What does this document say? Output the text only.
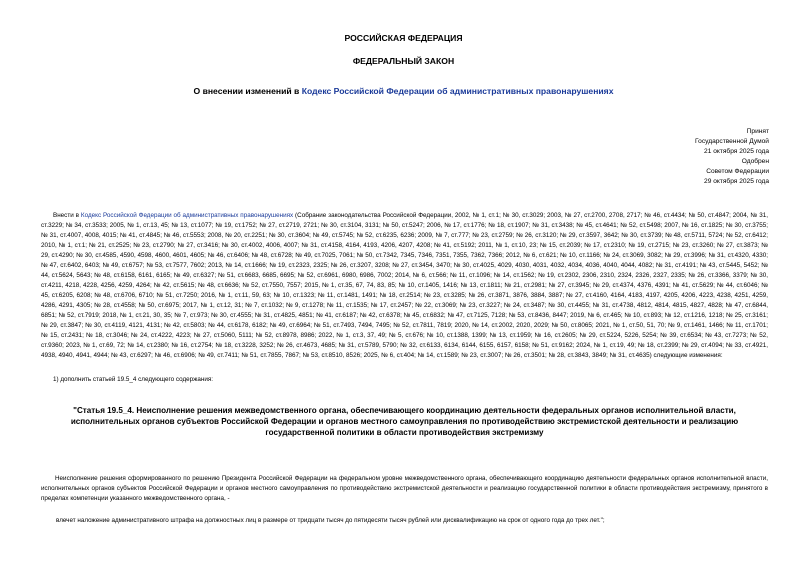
РОССИЙСКАЯ ФЕДЕРАЦИЯ
ФЕДЕРАЛЬНЫЙ ЗАКОН
О внесении изменений в Кодекс Российской Федерации об административных правонарушениях
Принят
Государственной Думой
21 октября 2025 года
Одобрен
Советом Федерации
29 октября 2025 года
Внести в Кодекс Российской Федерации об административных правонарушениях (Собрание законодательства Российской Федерации, 2002, № 1, ст.1; № 30, ст.3029; 2003, № 27, ст.2700, 2708, 2717; № 46, ст.4434; № 50, ст.4847; 2004, № 31, ст.3229; № 34, ст.3533; 2005, № 1, ст.13, 45; № 13, ст.1077; № 19, ст.1752; № 27, ст.2719, 2721; № 30, ст.3104, 3131; № 50, ст.5247; 2006, № 17, ст.1776; № 18, ст.1907; № 31, ст.3438; № 45, ст.4641; № 52, ст.5498; 2007, № 16, ст.1825; № 30, ст.3755; № 31, ст.4007, 4008, 4015; № 41, ст.4845; № 46, ст.5553; 2008, № 20, ст.2251; № 30, ст.3604; № 49, ст.5745; № 52, ст.6235, 6236; 2009, № 7, ст.777; № 23, ст.2759; № 26, ст.3120; № 29, ст.3597, 3642; № 30, ст.3739; № 48, ст.5711, 5724; № 52, ст.6412; 2010, № 1, ст.1; № 21, ст.2525; № 23, ст.2790; № 27, ст.3416; № 30, ст.4002, 4006, 4007; № 31, ст.4158, 4164, 4193, 4206, 4207, 4208; № 41, ст.5192; 2011, № 1, ст.10, 23; № 15, ст.2039; № 17, ст.2310; № 19, ст.2715; № 23, ст.3260; № 27, ст.3873; № 29, ст.4290; № 30, ст.4585, 4590, 4598, 4600, 4601, 4605; № 46, ст.6406; № 48, ст.6728; № 49, ст.7025, 7061; № 50, ст.7342, 7345, 7346, 7351, 7355, 7362, 7366; 2012, № 6, ст.621; № 10, ст.1166; № 24, ст.3069, 3082; № 29, ст.3996; № 31, ст.4320, 4330; № 47, ст.6402, 6403; № 49, ст.6757; № 53, ст.7577, 7602; 2013, № 14, ст.1666; № 19, ст.2323, 2325; № 26, ст.3207, 3208; № 27, ст.3454, 3470; № 30, ст.4025, 4029, 4030, 4031, 4032, 4034, 4036, 4040, 4044, 4082; № 31, ст.4191; № 43, ст.5445, 5452; № 44, ст.5624, 5643; № 48, ст.6158, 6161, 6165; № 49, ст.6327; № 51, ст.6683, 6685, 6695; № 52, ст.6961, 6980, 6986, 7002; 2014, № 6, ст.566; № 11, ст.1096; № 14, ст.1562; № 19, ст.2302, 2306, 2310, 2324, 2326, 2327, 2335; № 26, ст.3366, 3379; № 30, ст.4211, 4218, 4228, 4256, 4259, 4264; № 42, ст.5615; № 48, ст.6636; № 52, ст.7550, 7557; 2015, № 1, ст.35, 67, 74, 83, 85; № 10, ст.1405, 1416; № 13, ст.1811; № 21, ст.2981; № 27, ст.3945; № 29, ст.4374, 4376, 4391; № 41, ст.5629; № 44, ст.6046; № 45, ст.6205, 6208; № 48, ст.6706, 6710; № 51, ст.7250; 2016, № 1, ст.11, 59, 63; № 10, ст.1323; № 11, ст.1481, 1491; № 18, ст.2514; № 23, ст.3285; № 26, ст.3871, 3876, 3884, 3887; № 27, ст.4160, 4164, 4183, 4197, 4205, 4206, 4223, 4238, 4251, 4259, 4286, 4291, 4305; № 28, ст.4558; № 50, ст.6975; 2017, № 1, ст.12, 31; № 7, ст.1032; № 9, ст.1278; № 11, ст.1535; № 17, ст.2457; № 22, ст.3069; № 23, ст.3227; № 24, ст.3487; № 30, ст.4455; № 31, ст.4738, 4812, 4814, 4815, 4827, 4828; № 47, ст.6844, 6851; № 52, ст.7919; 2018, № 1, ст.21, 30, 35; № 7, ст.973; № 30, ст.4555; № 31, ст.4825, 4851; № 41, ст.6187; № 42, ст.6378; № 45, ст.6832; № 47, ст.7125, 7128; № 53, ст.8436, 8447; 2019, № 6, ст.465; № 10, ст.893; № 12, ст.1216, 1218; № 25, ст.3161; № 29, ст.3847; № 30, ст.4119, 4121, 4131; № 42, ст.5803; № 44, ст.6178, 6182; № 49, ст.6964; № 51, ст.7493, 7494, 7495; № 52, ст.7811, 7819; 2020, № 14, ст.2002, 2020, 2029; № 50, ст.8065; 2021, № 1, ст.50, 51, 70; № 9, ст.1461, 1466; № 11, ст.1701; № 15, ст.2431; № 18, ст.3046; № 24, ст.4222, 4223; № 27, ст.5060, 5111; № 52, ст.8978, 8986; 2022, № 1, ст.3, 37, 49; № 5, ст.676; № 10, ст.1388, 1399; № 13, ст.1959; № 16, ст.2605; № 29, ст.5224, 5226, 5254; № 39, ст.6534; № 43, ст.7273; № 52, ст.9360; 2023, № 1, ст.69, 72; № 14, ст.2380; № 16, ст.2754; № 18, ст.3228, 3252; № 26, ст.4673, 4685; № 31, ст.5789, 5790; № 32, ст.6133, 6134, 6144, 6155, 6157, 6158; № 51, ст.9162; 2024, № 1, ст.19, 49; № 18, ст.2399; № 29, ст.4094; № 33, ст.4921, 4938, 4940, 4941, 4944; № 43, ст.6297; № 46, ст.6906; № 49, ст.7411; № 51, ст.7855, 7867; № 53, ст.8510, 8526; 2025, № 6, ст.404; № 14, ст.1589; № 23, ст.3007; № 26, ст.3501; № 28, ст.3843, 3849; № 31, ст.4635) следующие изменения:
1) дополнить статьей 19.5_4 следующего содержания:
"Статья 19.5_4. Неисполнение решения межведомственного органа, обеспечивающего координацию деятельности федеральных органов исполнительной власти, исполнительных органов субъектов Российской Федерации и органов местного самоуправления по противодействию экстремистской деятельности и реализацию государственной политики в области противодействия экстремизму
Неисполнение решения сформированного по решению Президента Российской Федерации на федеральном уровне межведомственного органа, обеспечивающего координацию деятельности федеральных органов исполнительной власти, исполнительных органов субъектов Российской Федерации и органов местного самоуправления по противодействию экстремистской деятельности и реализацию государственной политики в области противодействия экстремизму, принятого в пределах компетенции указанного межведомственного органа, -
влечет наложение административного штрафа на должностных лиц в размере от тридцати тысяч до пятидесяти тысяч рублей или дисквалификацию на срок от одного года до трех лет.";
